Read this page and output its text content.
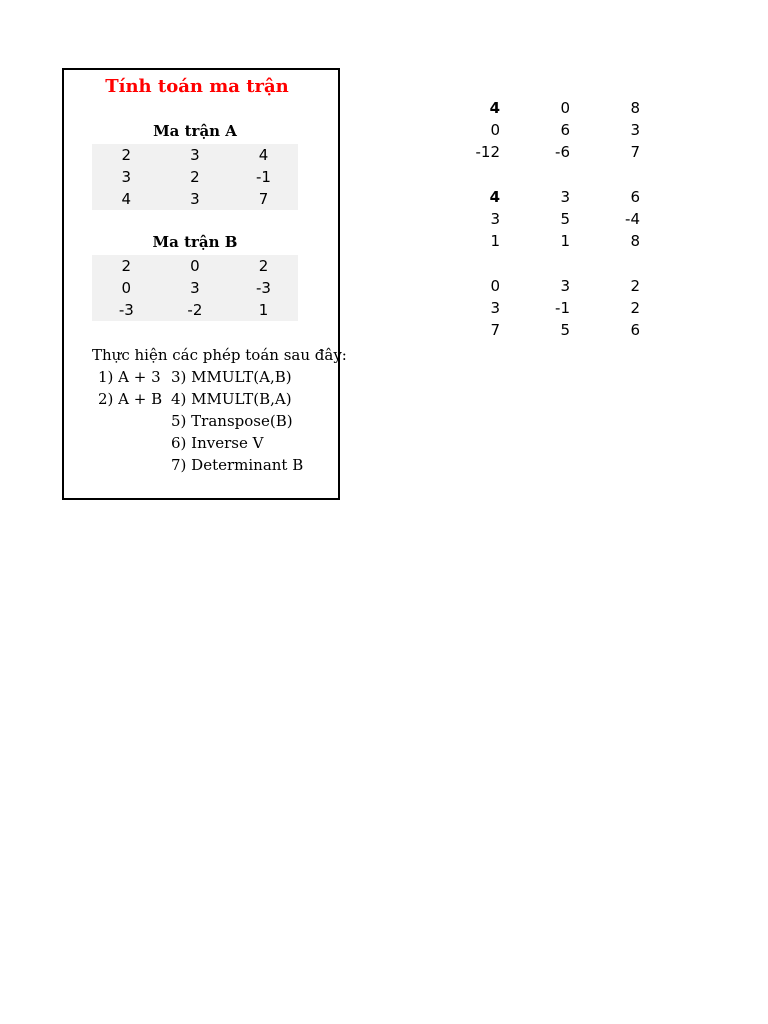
Tính toán ma trận
Ma trận A
2	3	4
3	2	-1
4	3	7
Ma trận B
2	0	2
0	3	-3
-3	-2	1
Thực hiện các phép toán sau đây:
1) A + 3
2) A + B
3) MMULT(A,B)
4) MMULT(B,A)
5) Transpose(B)
6) Inverse V
7) Determinant B
4	0	8
0	6	3
-12	-6	7
4	3	6
3	5	-4
1	1	8
0	3	2
3	-1	2
7	5	6
